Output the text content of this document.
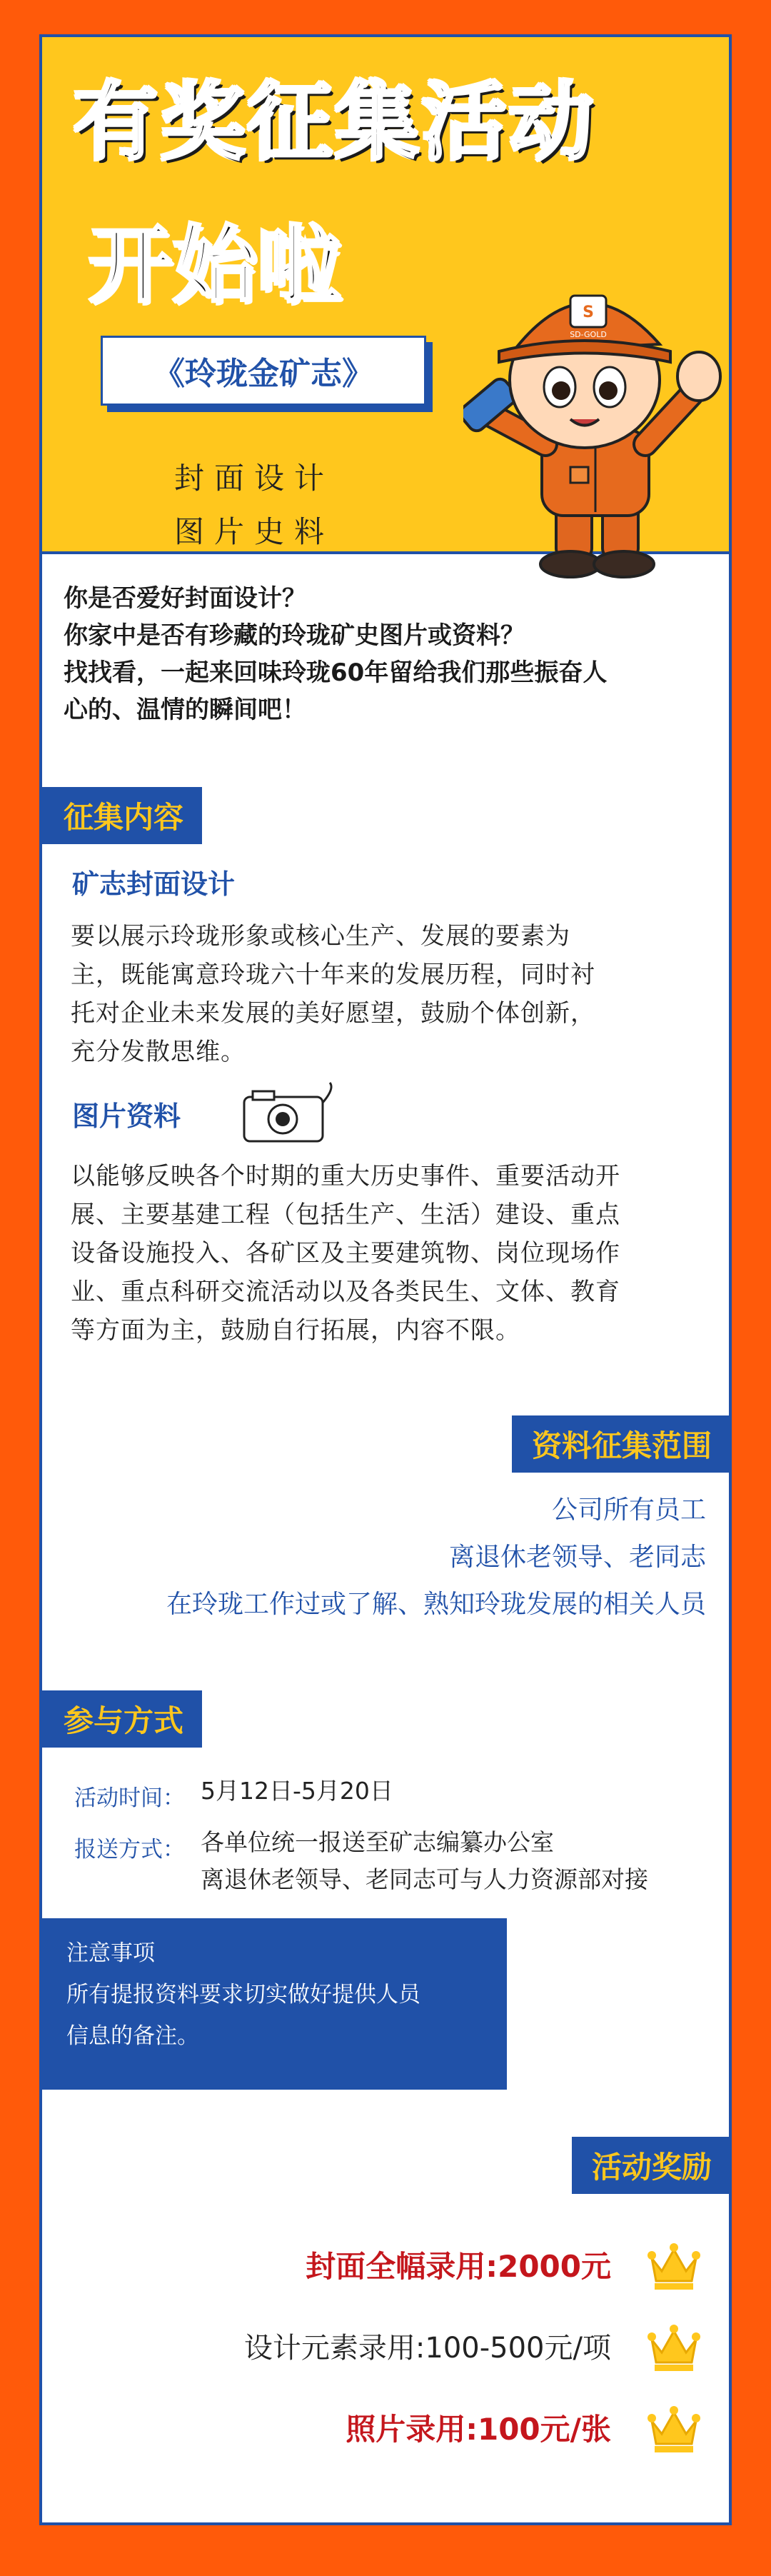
有奖征集活动
开始啦
《玲珑金矿志》
封面设计
图片史料
S
SD-GOLD
你是否爱好封面设计？
你家中是否有珍藏的玲珑矿史图片或资料？
找找看，一起来回味玲珑60年留给我们那些振奋人
心的、温情的瞬间吧！
征集内容
矿志封面设计
要以展示玲珑形象或核心生产、发展的要素为
主，既能寓意玲珑六十年来的发展历程，同时衬
托对企业未来发展的美好愿望，鼓励个体创新，
充分发散思维。
图片资料
以能够反映各个时期的重大历史事件、重要活动开
展、主要基建工程（包括生产、生活）建设、重点
设备设施投入、各矿区及主要建筑物、岗位现场作
业、重点科研交流活动以及各类民生、文体、教育
等方面为主，鼓励自行拓展，内容不限。
资料征集范围
公司所有员工
离退休老领导、老同志
在玲珑工作过或了解、熟知玲珑发展的相关人员
参与方式
活动时间： 5月12日-5月20日
报送方式： 各单位统一报送至矿志编纂办公室
离退休老领导、老同志可与人力资源部对接
注意事项
所有提报资料要求切实做好提供人员
信息的备注。
活动奖励
封面全幅录用:2000元
设计元素录用:100-500元/项
照片录用:100元/张
